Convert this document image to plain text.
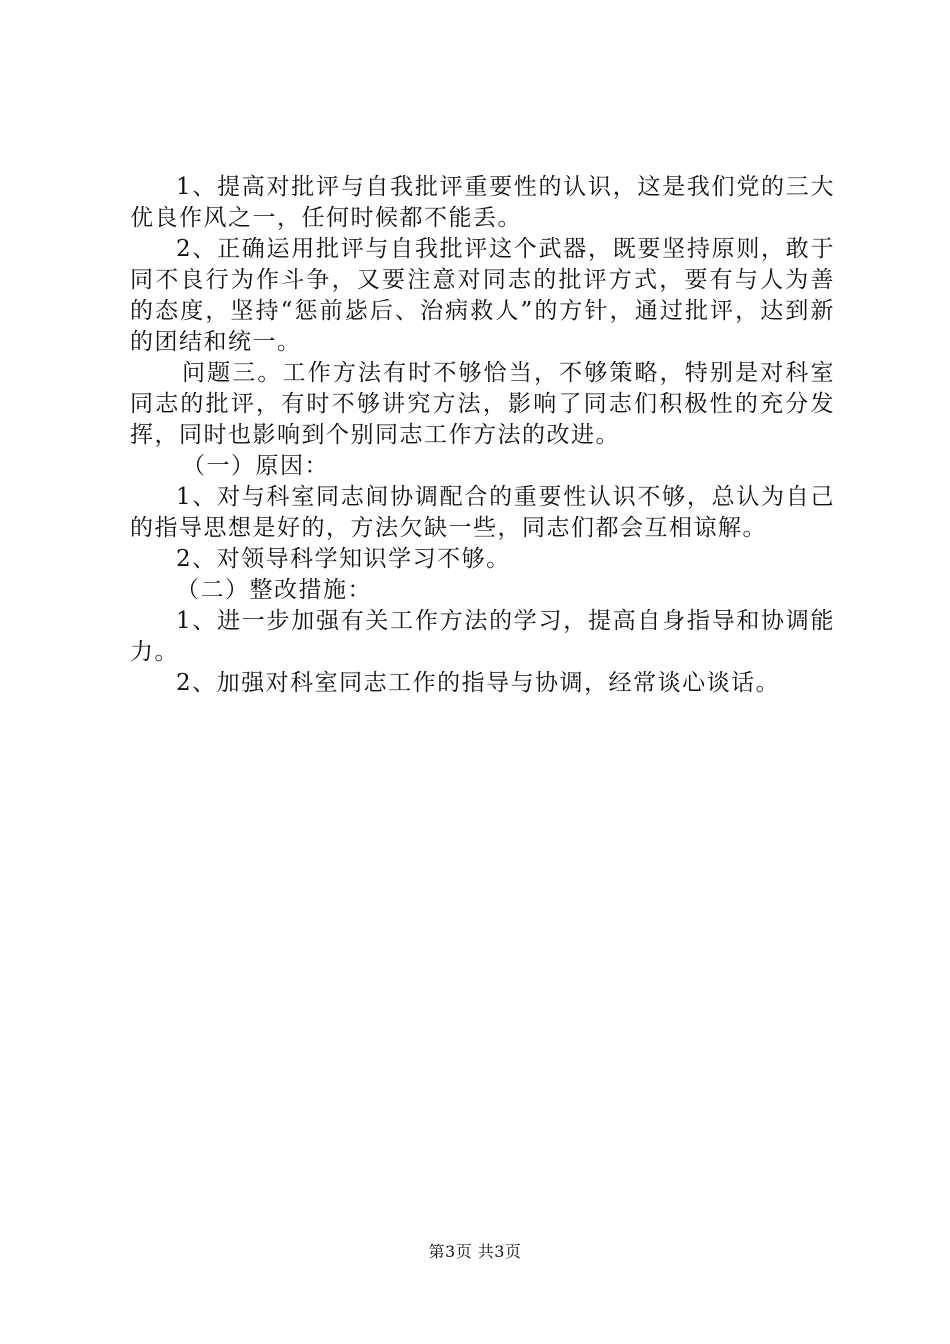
1、提高对批评与自我批评重要性的认识，这是我们党的三大优良作风之一，任何时候都不能丢。

2、正确运用批评与自我批评这个武器，既要坚持原则，敢于同不良行为作斗争，又要注意对同志的批评方式，要有与人为善的态度，坚持“惩前毖后、治病救人”的方针，通过批评，达到新的团结和统一。

问题三。工作方法有时不够恰当，不够策略，特别是对科室同志的批评，有时不够讲究方法，影响了同志们积极性的充分发挥，同时也影响到个别同志工作方法的改进。

（一）原因：

1、对与科室同志间协调配合的重要性认识不够，总认为自己的指导思想是好的，方法欠缺一些，同志们都会互相谅解。

2、对领导科学知识学习不够。

（二）整改措施：

1、进一步加强有关工作方法的学习，提高自身指导和协调能力。

2、加强对科室同志工作的指导与协调，经常谈心谈话。

第3页 共3页
